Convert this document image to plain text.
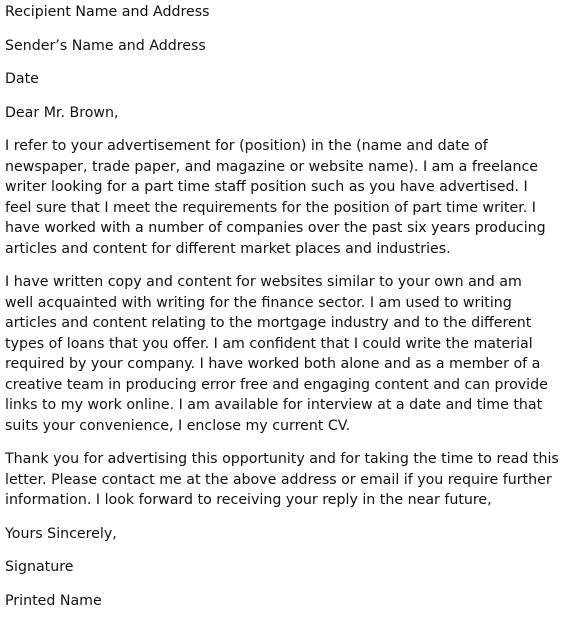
Recipient Name and Address

Sender’s Name and Address

Date

Dear Mr. Brown,

I refer to your advertisement for (position) in the (name and date of
newspaper, trade paper, and magazine or website name). I am a freelance
writer looking for a part time staff position such as you have advertised. I
feel sure that I meet the requirements for the position of part time writer. I
have worked with a number of companies over the past six years producing
articles and content for different market places and industries.

I have written copy and content for websites similar to your own and am
well acquainted with writing for the finance sector. I am used to writing
articles and content relating to the mortgage industry and to the different
types of loans that you offer. I am confident that I could write the material
required by your company. I have worked both alone and as a member of a
creative team in producing error free and engaging content and can provide
links to my work online. I am available for interview at a date and time that
suits your convenience, I enclose my current CV.

Thank you for advertising this opportunity and for taking the time to read this
letter. Please contact me at the above address or email if you require further
information. I look forward to receiving your reply in the near future,

Yours Sincerely,

Signature

Printed Name
